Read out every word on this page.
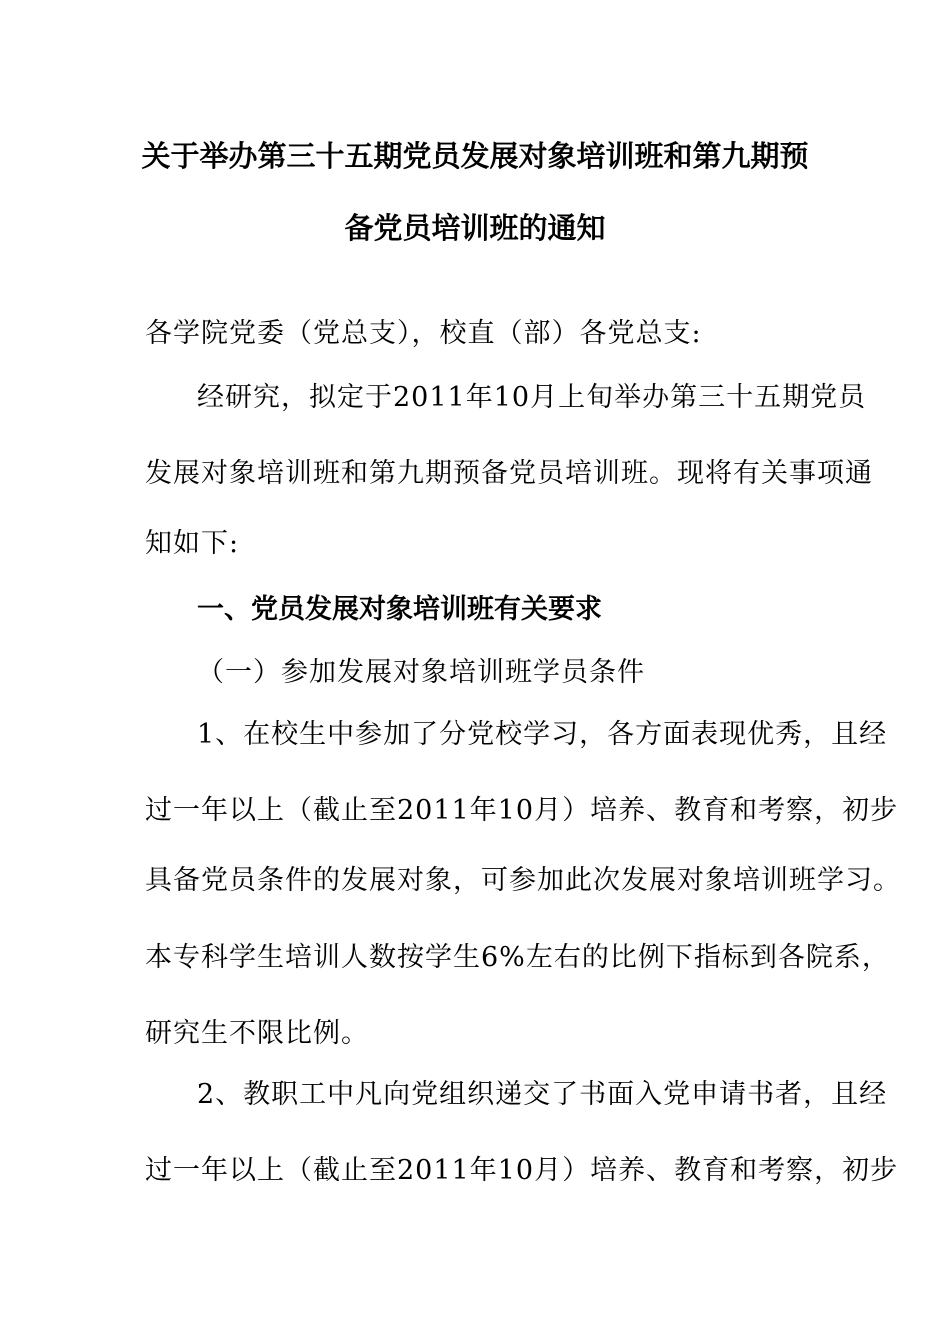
关于举办第三十五期党员发展对象培训班和第九期预
备党员培训班的通知
各学院党委（党总支），校直（部）各党总支:
经研究，拟定于2011年10月上旬举办第三十五期党员
发展对象培训班和第九期预备党员培训班。现将有关事项通
知如下:
一、党员发展对象培训班有关要求
（一）参加发展对象培训班学员条件
1、在校生中参加了分党校学习，各方面表现优秀，且经
过一年以上（截止至2011年10月）培养、教育和考察，初步
具备党员条件的发展对象，可参加此次发展对象培训班学习。
本专科学生培训人数按学生6%左右的比例下指标到各院系，
研究生不限比例。
2、教职工中凡向党组织递交了书面入党申请书者，且经
过一年以上（截止至2011年10月）培养、教育和考察，初步
